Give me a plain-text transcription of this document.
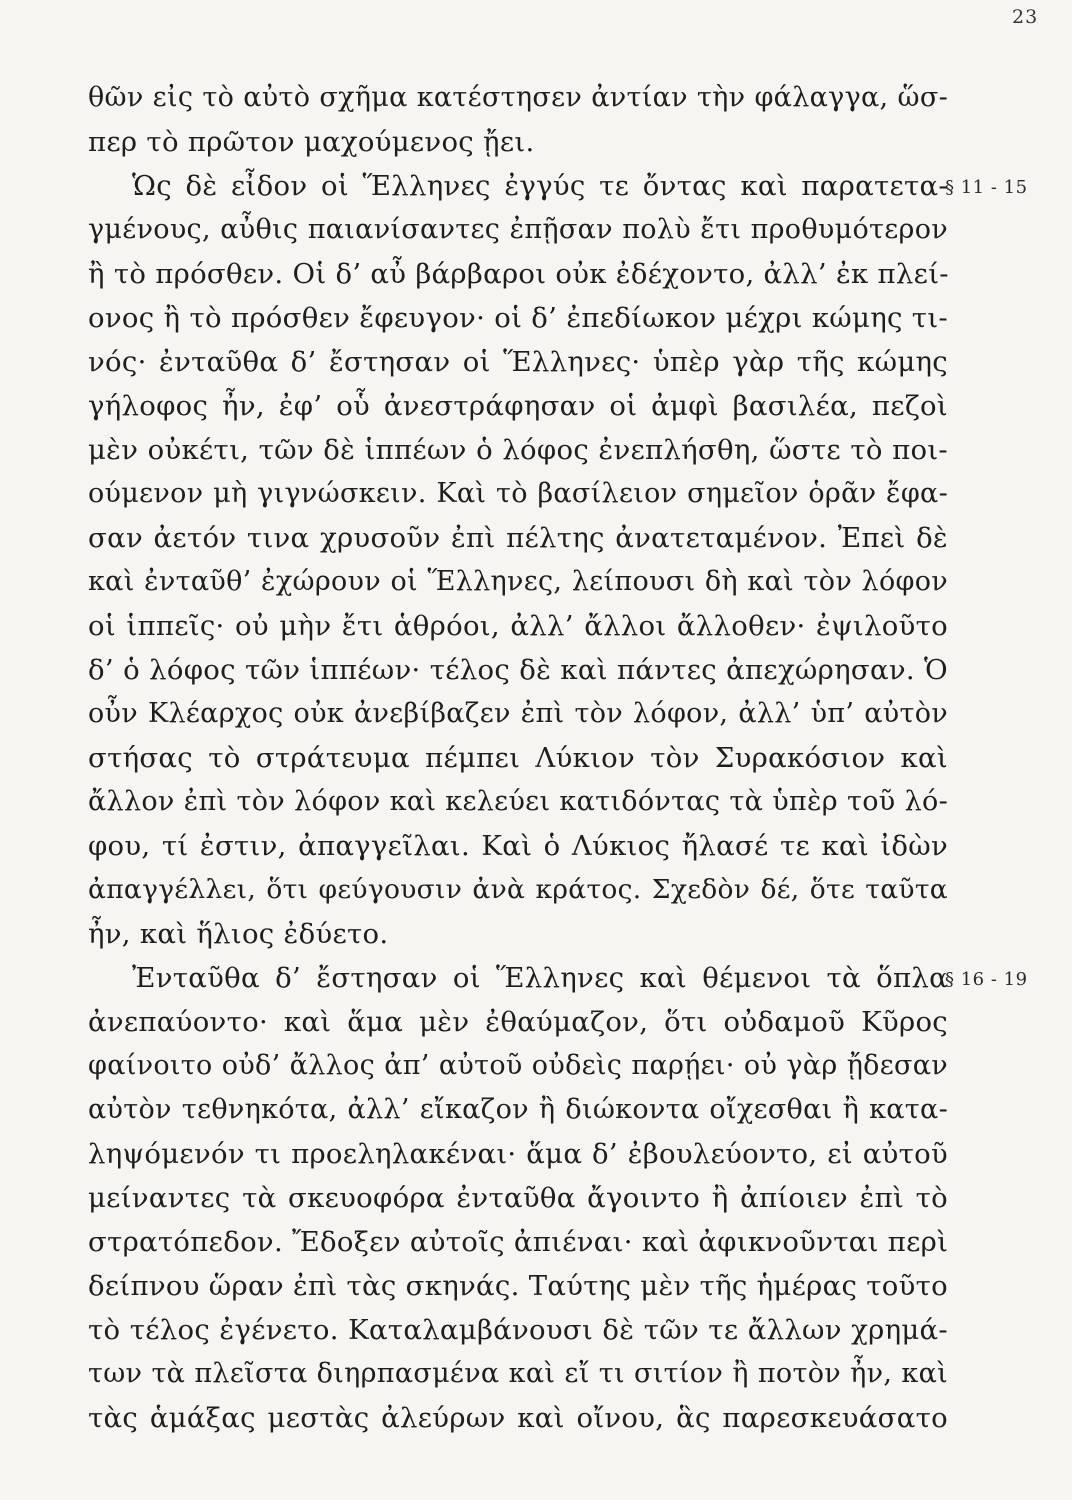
23
θῶν εἰς τὸ αὐτὸ σχῆμα κατέστησεν ἀντίαν τὴν φάλαγγα, ὥσ-
περ τὸ πρῶτον μαχούμενος ᾔει.
Ὡς δὲ εἶδον οἱ Ἕλληνες ἐγγύς τε ὄντας καὶ παρατετα-
γμένους, αὖθις παιανίσαντες ἐπῇσαν πολὺ ἔτι προθυμότερον
ἢ τὸ πρόσθεν. Οἱ δ’ αὖ βάρβαροι οὐκ ἐδέχοντο, ἀλλ’ ἐκ πλεί-
ονος ἢ τὸ πρόσθεν ἔφευγον· οἱ δ’ ἐπεδίωκον μέχρι κώμης τι-
νός· ἐνταῦθα δ’ ἔστησαν οἱ Ἕλληνες· ὑπὲρ γὰρ τῆς κώμης
γήλοφος ἦν, ἐφ’ οὗ ἀνεστράφησαν οἱ ἀμφὶ βασιλέα, πεζοὶ
μὲν οὐκέτι, τῶν δὲ ἱππέων ὁ λόφος ἐνεπλήσθη, ὥστε τὸ ποι-
ούμενον μὴ γιγνώσκειν. Καὶ τὸ βασίλειον σημεῖον ὁρᾶν ἔφα-
σαν ἀετόν τινα χρυσοῦν ἐπὶ πέλτης ἀνατεταμένον. Ἐπεὶ δὲ
καὶ ἐνταῦθ’ ἐχώρουν οἱ Ἕλληνες, λείπουσι δὴ καὶ τὸν λόφον
οἱ ἱππεῖς· οὐ μὴν ἔτι ἁθρόοι, ἀλλ’ ἄλλοι ἄλλοθεν· ἐψιλοῦτο
δ’ ὁ λόφος τῶν ἱππέων· τέλος δὲ καὶ πάντες ἀπεχώρησαν. Ὁ
οὖν Κλέαρχος οὐκ ἀνεβίβαζεν ἐπὶ τὸν λόφον, ἀλλ’ ὑπ’ αὐτὸν
στήσας τὸ στράτευμα πέμπει Λύκιον τὸν Συρακόσιον καὶ
ἄλλον ἐπὶ τὸν λόφον καὶ κελεύει κατιδόντας τὰ ὑπὲρ τοῦ λό-
φου, τί ἐστιν, ἀπαγγεῖλαι. Καὶ ὁ Λύκιος ἤλασέ τε καὶ ἰδὼν
ἀπαγγέλλει, ὅτι φεύγουσιν ἀνὰ κράτος. Σχεδὸν δέ, ὅτε ταῦτα
ἦν, καὶ ἥλιος ἐδύετο.
Ἐνταῦθα δ’ ἔστησαν οἱ Ἕλληνες καὶ θέμενοι τὰ ὅπλα
ἀνεπαύοντο· καὶ ἅμα μὲν ἐθαύμαζον, ὅτι οὐδαμοῦ Κῦρος
φαίνοιτο οὐδ’ ἄλλος ἀπ’ αὐτοῦ οὐδεὶς παρῄει· οὐ γὰρ ᾔδεσαν
αὐτὸν τεθνηκότα, ἀλλ’ εἴκαζον ἢ διώκοντα οἴχεσθαι ἢ κατα-
ληψόμενόν τι προεληλακέναι· ἅμα δ’ ἐβουλεύοντο, εἰ αὐτοῦ
μείναντες τὰ σκευοφόρα ἐνταῦθα ἄγοιντο ἢ ἀπίοιεν ἐπὶ τὸ
στρατόπεδον. Ἔδοξεν αὐτοῖς ἀπιέναι· καὶ ἀφικνοῦνται περὶ
δείπνου ὥραν ἐπὶ τὰς σκηνάς. Ταύτης μὲν τῆς ἡμέρας τοῦτο
τὸ τέλος ἐγένετο. Καταλαμβάνουσι δὲ τῶν τε ἄλλων χρημά-
των τὰ πλεῖστα διηρπασμένα καὶ εἴ τι σιτίον ἢ ποτὸν ἦν, καὶ
τὰς ἁμάξας μεστὰς ἀλεύρων καὶ οἴνου, ἃς παρεσκευάσατο
§ 11 - 15
§ 16 - 19
